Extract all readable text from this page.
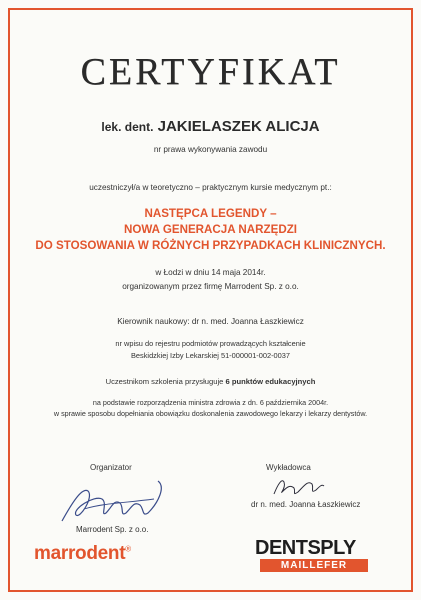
CERTYFIKAT
lek. dent. JAKIELASZEK ALICJA
nr prawa wykonywania zawodu
uczestniczył/a w teoretyczno – praktycznym kursie medycznym pt.:
NASTĘPCA LEGENDY –
NOWA GENERACJA NARZĘDZI
DO STOSOWANIA W RÓŻNYCH PRZYPADKACH KLINICZNYCH.
w Łodzi w dniu 14 maja 2014r.
organizowanym przez firmę Marrodent Sp. z o.o.
Kierownik naukowy: dr n. med. Joanna Łaszkiewicz
nr wpisu do rejestru podmiotów prowadzących kształcenie
Beskidzkiej Izby Lekarskiej 51-000001-002-0037
Uczestnikom szkolenia przysługuje 6 punktów edukacyjnych
na podstawie rozporządzenia ministra zdrowia z dn. 6 października 2004r.
w sprawie sposobu dopełniania obowiązku doskonalenia zawodowego lekarzy i lekarzy dentystów.
Organizator
Marrodent Sp. z o.o.
Wykładowca
dr n. med. Joanna Łaszkiewicz
marrodent®	DENTSPLY
MAILLEFER
